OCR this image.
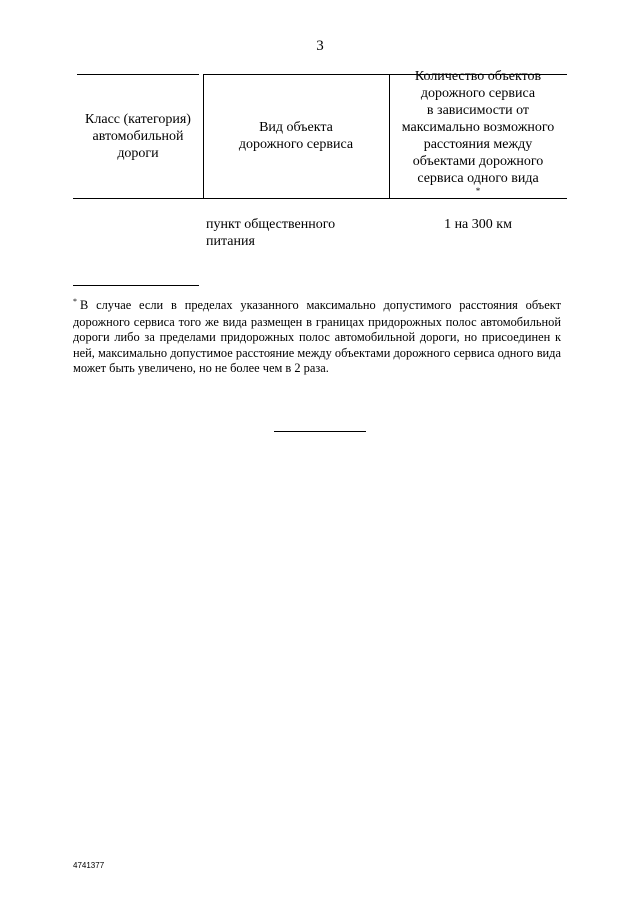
3
Класс (категория)
автомобильной
дороги
Вид объекта
дорожного сервиса
Количество объектов
дорожного сервиса
в зависимости от
максимально возможного
расстояния между
объектами дорожного
сервиса одного вида
*
пункт общественного
питания
1 на 300 км
* В случае если в пределах указанного максимально допустимого расстояния объект дорожного сервиса того же вида размещен в границах придорожных полос автомобильной дороги либо за пределами придорожных полос автомобильной дороги, но присоединен к ней, максимально допустимое расстояние между объектами дорожного сервиса одного вида может быть увеличено, но не более чем в 2 раза.
4741377
